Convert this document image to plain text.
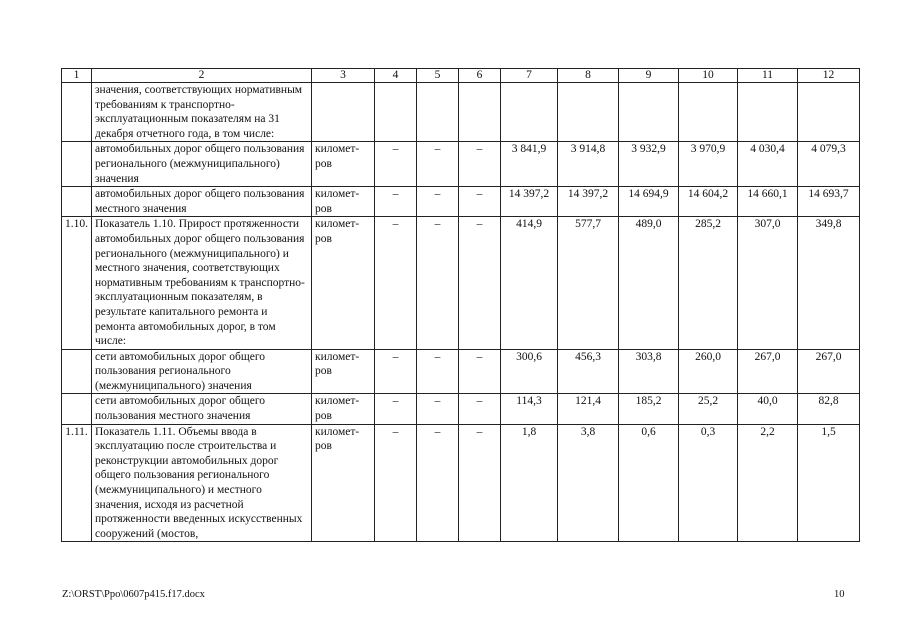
1	2	3	4	5	6	7	8	9	10	11	12
	значения, соответствующих нормативным требованиям к транспортно-эксплуатационным показателям на 31 декабря отчетного года, в том числе:										
	автомобильных дорог общего пользования регионального (межмуниципального) значения	километ-ров	–	–	–	3 841,9	3 914,8	3 932,9	3 970,9	4 030,4	4 079,3
	автомобильных дорог общего пользования местного значения	километ-ров	–	–	–	14 397,2	14 397,2	14 694,9	14 604,2	14 660,1	14 693,7
1.10.	Показатель 1.10. Прирост протяженности автомобильных дорог общего пользования регионального (межмуниципального) и местного значения, соответствующих нормативным требованиям к транспортно-эксплуатационным показателям, в результате капитального ремонта и ремонта автомобильных дорог, в том числе:	километ-ров	–	–	–	414,9	577,7	489,0	285,2	307,0	349,8
	сети автомобильных дорог общего пользования регионального (межмуниципального) значения	километ-ров	–	–	–	300,6	456,3	303,8	260,0	267,0	267,0
	сети автомобильных дорог общего пользования местного значения	километ-ров	–	–	–	114,3	121,4	185,2	25,2	40,0	82,8
1.11.	Показатель 1.11. Объемы ввода в эксплуатацию после строительства и реконструкции автомобильных дорог общего пользования регионального (межмуниципального) и местного значения, исходя из расчетной протяженности введенных искусственных сооружений (мостов,	километ-ров	–	–	–	1,8	3,8	0,6	0,3	2,2	1,5
Z:\ORST\Ppo\0607p415.f17.docx	10
